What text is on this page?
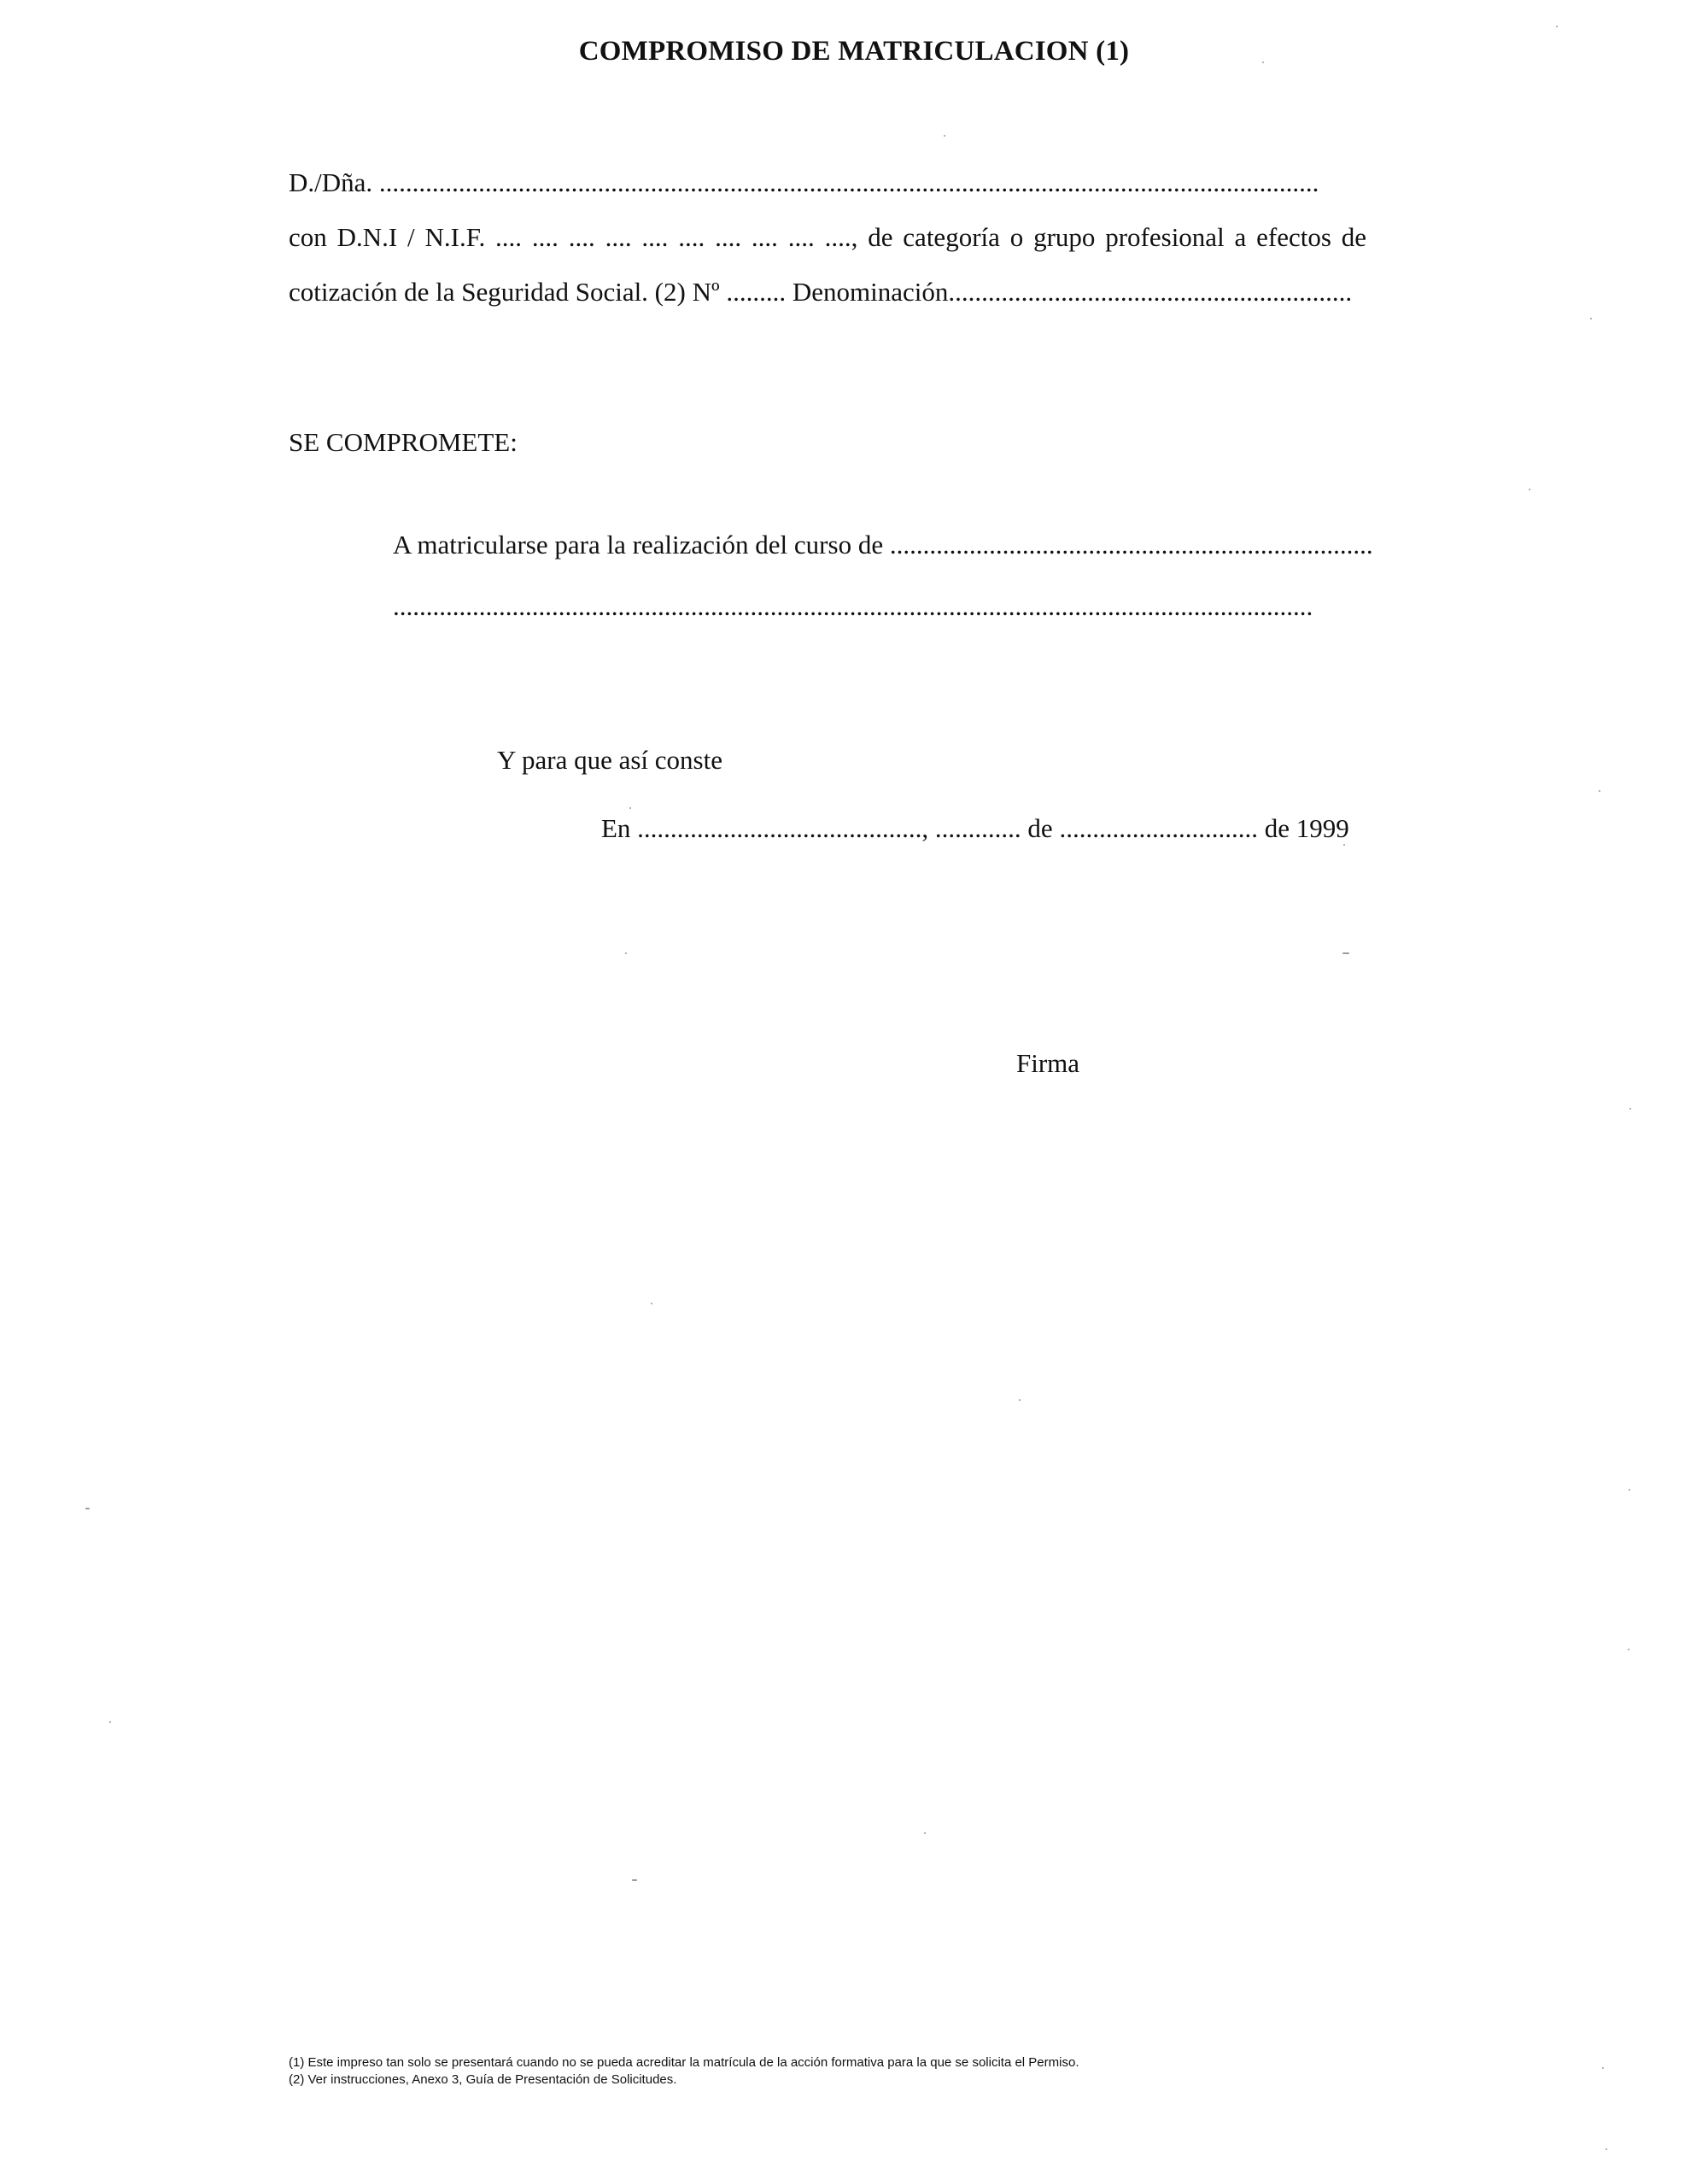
COMPROMISO DE MATRICULACION (1)
D./Dña. ..............................................................................................................................................
con D.N.I / N.I.F. .... .... .... .... .... .... .... .... .... ...., de categoría o grupo profesional a efectos de
cotización de la Seguridad Social. (2) Nº ......... Denominación.............................................................
SE COMPROMETE:
A matricularse para la realización del curso de .........................................................................
...........................................................................................................................................
Y para que así conste
En ..........................................., ............. de .............................. de 1999
Firma
(1) Este impreso tan solo se presentará cuando no se pueda acreditar la matrícula de la acción formativa para la que se solicita el Permiso.
(2) Ver instrucciones, Anexo 3, Guía de Presentación de Solicitudes.
